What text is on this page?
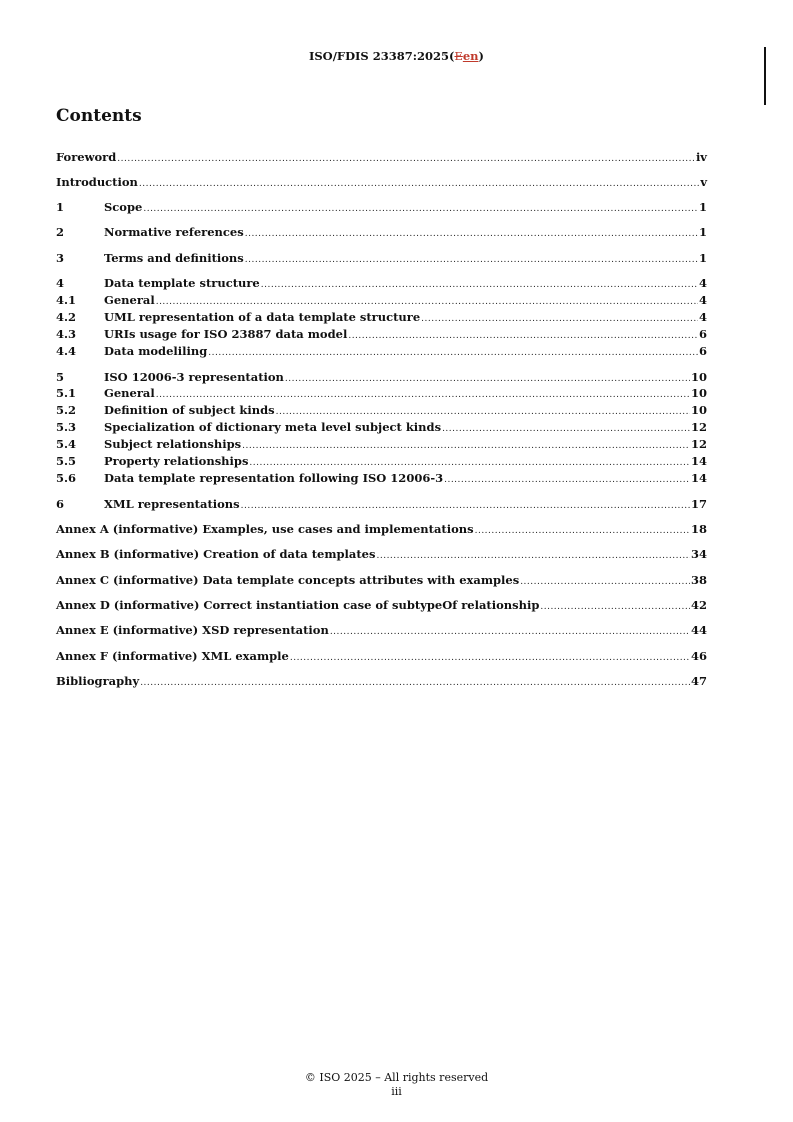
ISO/FDIS 23387:2025(Een)
Contents
Foreword .....	iv
Introduction .....	v
1	Scope .....	1
2	Normative references .....	1
3	Terms and definitions .....	1
4	Data template structure .....	4
4.1	General .....	4
4.2	UML representation of a data template structure .....	4
4.3	URIs usage for ISO 23887 data model .....	6
4.4	Data modeliling .....	6
5	ISO 12006-3 representation .....	10
5.1	General .....	10
5.2	Definition of subject kinds .....	10
5.3	Specialization of dictionary meta level subject kinds .....	12
5.4	Subject relationships .....	12
5.5	Property relationships .....	14
5.6	Data template representation following ISO 12006-3 .....	14
6	XML representations .....	17
Annex A (informative) Examples, use cases and implementations .....	18
Annex B (informative) Creation of data templates .....	34
Annex C (informative) Data template concepts attributes with examples .....	38
Annex D (informative) Correct instantiation case of subtypeOf relationship .....	42
Annex E (informative) XSD representation .....	44
Annex F (informative) XML example .....	46
Bibliography .....	47
© ISO 2025 – All rights reserved
iii
